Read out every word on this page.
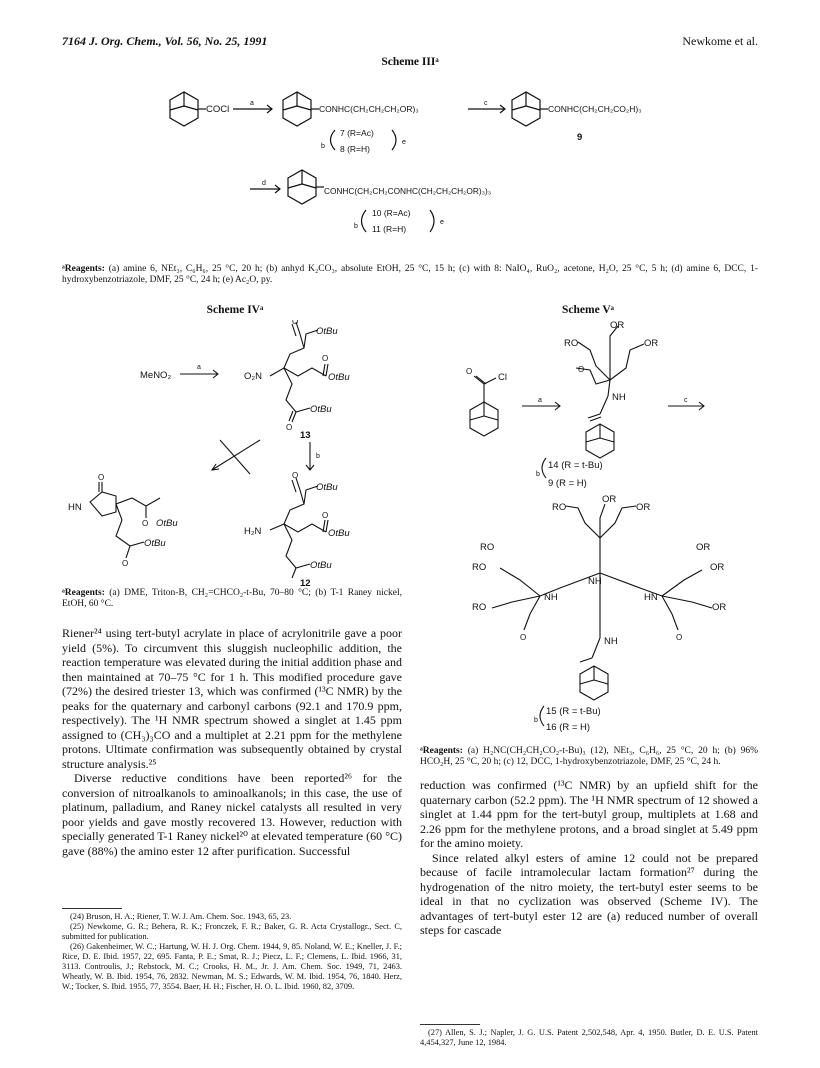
7164 J. Org. Chem., Vol. 56, No. 25, 1991	Newkome et al.
Scheme IIIᵃ
COCl
a
CONHC(CH₂CH₂CH₂OR)₃
c
CONHC(CH₂CH₂CO₂H)₃
9
b
7 (R=Ac)
8 (R=H)
e
d
CONHC(CH₂CH₂CONHC(CH₂CH₂CH₂OR)₃)₃
b
10 (R=Ac)
11 (R=H)
e
ᵃReagents: (a) amine 6, NEt₃, C₆H₆, 25 °C, 20 h; (b) anhyd K₂CO₃, absolute EtOH, 25 °C, 15 h; (c) with 8: NaIO₄, RuO₂, acetone, H₂O, 25 °C, 5 h; (d) amine 6, DCC, 1-hydroxybenzotriazole, DMF, 25 °C, 24 h; (e) Ac₂O, py.
Scheme IVᵃ
MeNO₂
a
O₂N
O
OtBu
O
OtBu
OtBu
O
13
b
HN
O
O OtBu
O
OtBu
H₂N
O
OtBu
O
OtBu
OtBu
12
ᵃReagents: (a) DME, Triton-B, CH₂=CHCO₂-t-Bu, 70–80 °C; (b) T-1 Raney nickel, EtOH, 60 °C.
Scheme Vᵃ
O
Cl
a	c
OR
RO	OR
O
NH
b
14 (R = t-Bu)
9 (R = H)
OR
RO	OR
RO	OR
NH
RO	OR
RO	OR
NH	HN
O	O
NH
b
15 (R = t-Bu)
16 (R = H)
ᵃReagents: (a) H₂NC(CH₂CH₂CO₂-t-Bu)₃ (12), NEt₃, C₆H₆, 25 °C, 20 h; (b) 96% HCO₂H, 25 °C, 20 h; (c) 12, DCC, 1-hydroxybenzotriazole, DMF, 25 °C, 24 h.

Riener²⁴ using tert-butyl acrylate in place of acrylonitrile gave a poor yield (5%). To circumvent this sluggish nucleophilic addition, the reaction temperature was elevated during the initial addition phase and then maintained at 70–75 °C for 1 h. This modified procedure gave (72%) the desired triester 13, which was confirmed (¹³C NMR) by the peaks for the quaternary and carbonyl carbons (92.1 and 170.9 ppm, respectively). The ¹H NMR spectrum showed a singlet at 1.45 ppm assigned to (CH₃)₃CO and a multiplet at 2.21 ppm for the methylene protons. Ultimate confirmation was subsequently obtained by crystal structure analysis.²⁵

Diverse reductive conditions have been reported²⁶ for the conversion of nitroalkanols to aminoalkanols; in this case, the use of platinum, palladium, and Raney nickel catalysts all resulted in very poor yields and gave mostly recovered 13. However, reduction with specially generated T-1 Raney nickel²⁰ at elevated temperature (60 °C) gave (88%) the amino ester 12 after purification. Successful

(24) Bruson, H. A.; Riener, T. W. J. Am. Chem. Soc. 1943, 65, 23.

(25) Newkome, G. R.; Behera, R. K.; Fronczek, F. R.; Baker, G. R. Acta Crystallogr., Sect. C, submitted for publication.

(26) Gakenheimer, W. C.; Hartung, W. H. J. Org. Chem. 1944, 9, 85. Noland, W. E.; Kneller, J. F.; Rice, D. E. Ibid. 1957, 22, 695. Fanta, P. E.; Smat, R. J.; Piecz, L. F.; Clemens, L. Ibid. 1966, 31, 3113. Controulis, J.; Rebstock, M. C.; Crooks, H. M., Jr. J. Am. Chem. Soc. 1949, 71, 2463. Wheatly, W. B. Ibid. 1954, 76, 2832. Newman, M. S.; Edwards, W. M. Ibid. 1954, 76, 1840. Herz, W.; Tocker, S. Ibid. 1955, 77, 3554. Baer, H. H.; Fischer, H. O. L. Ibid. 1960, 82, 3709.

reduction was confirmed (¹³C NMR) by an upfield shift for the quaternary carbon (52.2 ppm). The ¹H NMR spectrum of 12 showed a singlet at 1.44 ppm for the tert-butyl group, multiplets at 1.68 and 2.26 ppm for the methylene protons, and a broad singlet at 5.49 ppm for the amino moiety.

Since related alkyl esters of amine 12 could not be prepared because of facile intramolecular lactam formation²⁷ during the hydrogenation of the nitro moiety, the tert-butyl ester seems to be ideal in that no cyclization was observed (Scheme IV). The advantages of tert-butyl ester 12 are (a) reduced number of overall steps for cascade

(27) Allen, S. J.; Napler, J. G. U.S. Patent 2,502,548, Apr. 4, 1950. Butler, D. E. U.S. Patent 4,454,327, June 12, 1984.
